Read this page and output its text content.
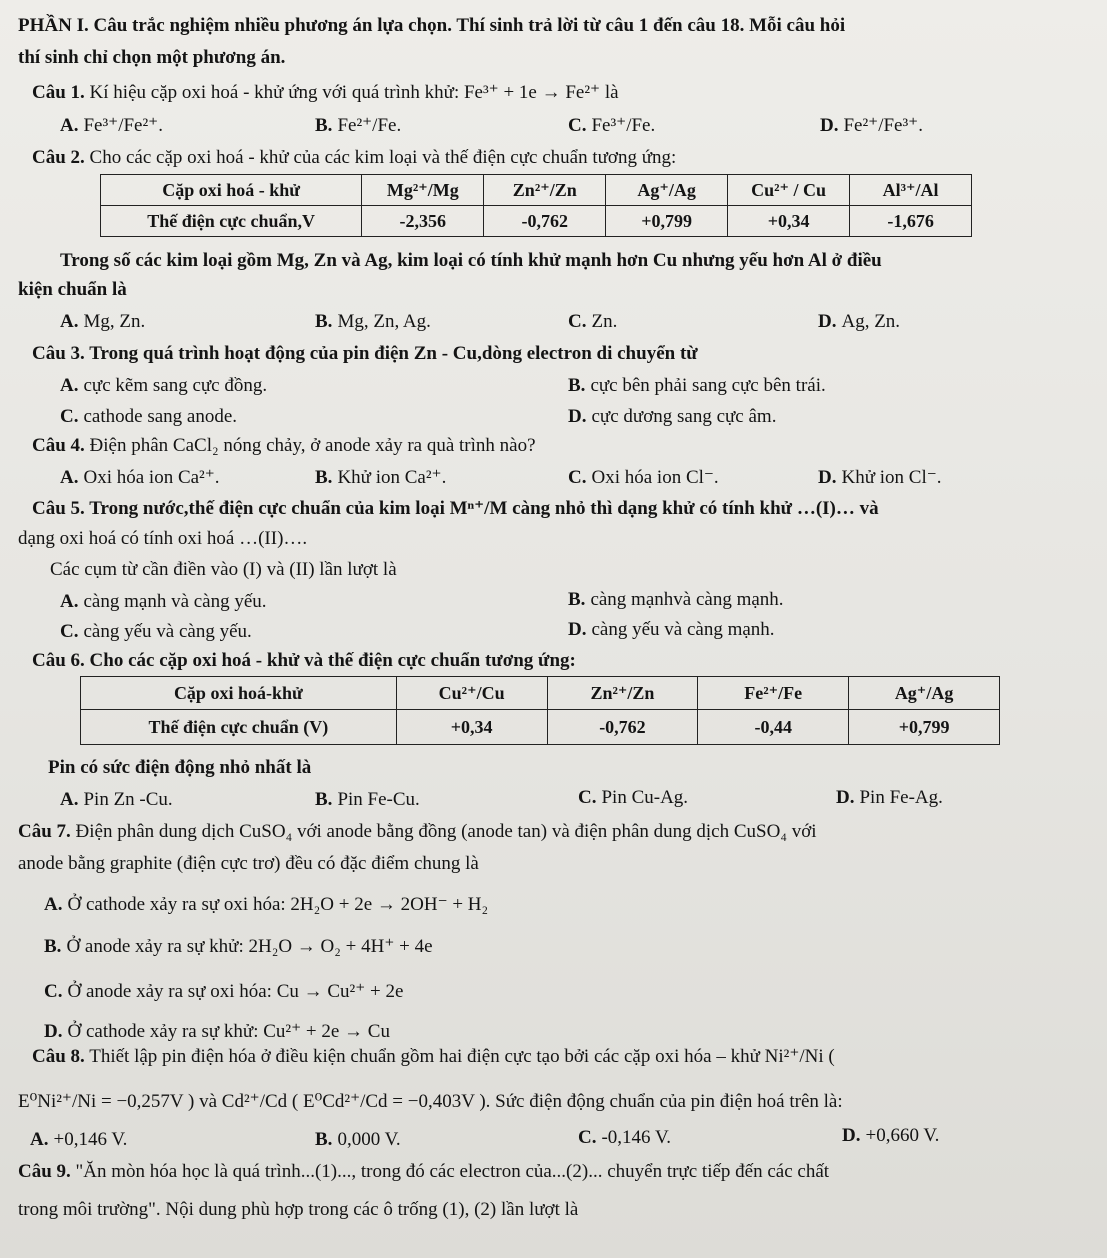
PHẦN I. Câu trắc nghiệm nhiều phương án lựa chọn. Thí sinh trả lời từ câu 1 đến câu 18. Mỗi câu hỏi
thí sinh chỉ chọn một phương án.
Câu 1. Kí hiệu cặp oxi hoá - khử ứng với quá trình khử: Fe³⁺ + 1e → Fe²⁺ là
A. Fe³⁺/Fe²⁺.	B. Fe²⁺/Fe.	C. Fe³⁺/Fe.	D. Fe²⁺/Fe³⁺.
Câu 2. Cho các cặp oxi hoá - khử của các kim loại và thế điện cực chuẩn tương ứng:
Cặp oxi hoá - khử	Mg²⁺/Mg	Zn²⁺/Zn	Ag⁺/Ag	Cu²⁺ / Cu	Al³⁺/Al
Thế điện cực chuẩn,V	-2,356	-0,762	+0,799	+0,34	-1,676
Trong số các kim loại gồm Mg, Zn và Ag, kim loại có tính khử mạnh hơn Cu nhưng yếu hơn Al ở điều
kiện chuẩn là
A. Mg, Zn.	B. Mg, Zn, Ag.	C. Zn.	D. Ag, Zn.
Câu 3. Trong quá trình hoạt động của pin điện Zn - Cu,dòng electron di chuyển từ
A. cực kẽm sang cực đồng.	B. cực bên phải sang cực bên trái.
C. cathode sang anode.	D. cực dương sang cực âm.
Câu 4. Điện phân CaCl₂ nóng chảy, ở anode xảy ra quà trình nào?
A. Oxi hóa ion Ca²⁺.	B. Khử ion Ca²⁺.	C. Oxi hóa ion Cl⁻.	D. Khử ion Cl⁻.
Câu 5. Trong nước,thế điện cực chuẩn của kim loại Mⁿ⁺/M càng nhỏ thì dạng khử có tính khử …(I)… và
dạng oxi hoá có tính oxi hoá …(II)….
Các cụm từ cần điền vào (I) và (II) lần lượt là
A. càng mạnh và càng yếu.	B. càng mạnhvà càng mạnh.
C. càng yếu và càng yếu.	D. càng yếu và càng mạnh.
Câu 6. Cho các cặp oxi hoá - khử và thế điện cực chuẩn tương ứng:
Cặp oxi hoá-khử	Cu²⁺/Cu	Zn²⁺/Zn	Fe²⁺/Fe	Ag⁺/Ag
Thế điện cực chuẩn (V)	+0,34	-0,762	-0,44	+0,799
Pin có sức điện động nhỏ nhất là
A. Pin Zn -Cu.	B. Pin Fe-Cu.	C. Pin Cu-Ag.	D. Pin Fe-Ag.
Câu 7. Điện phân dung dịch CuSO₄ với anode bằng đồng (anode tan) và điện phân dung dịch CuSO₄ với
anode bằng graphite (điện cực trơ) đều có đặc điểm chung là
A. Ở cathode xảy ra sự oxi hóa: 2H₂O + 2e → 2OH⁻ + H₂
B. Ở anode xảy ra sự khử: 2H₂O → O₂ + 4H⁺ + 4e
C. Ở anode xảy ra sự oxi hóa: Cu → Cu²⁺ + 2e
D. Ở cathode xảy ra sự khử: Cu²⁺ + 2e → Cu
Câu 8. Thiết lập pin điện hóa ở điều kiện chuẩn gồm hai điện cực tạo bởi các cặp oxi hóa – khử Ni²⁺/Ni (
E⁰Ni²⁺/Ni = −0,257V ) và Cd²⁺/Cd ( E⁰Cd²⁺/Cd = −0,403V ). Sức điện động chuẩn của pin điện hoá trên là:
A. +0,146 V.	B. 0,000 V.	C. -0,146 V.	D. +0,660 V.
Câu 9. "Ăn mòn hóa học là quá trình...(1)..., trong đó các electron của...(2)... chuyển trực tiếp đến các chất
trong môi trường". Nội dung phù hợp trong các ô trống (1), (2) lần lượt là
